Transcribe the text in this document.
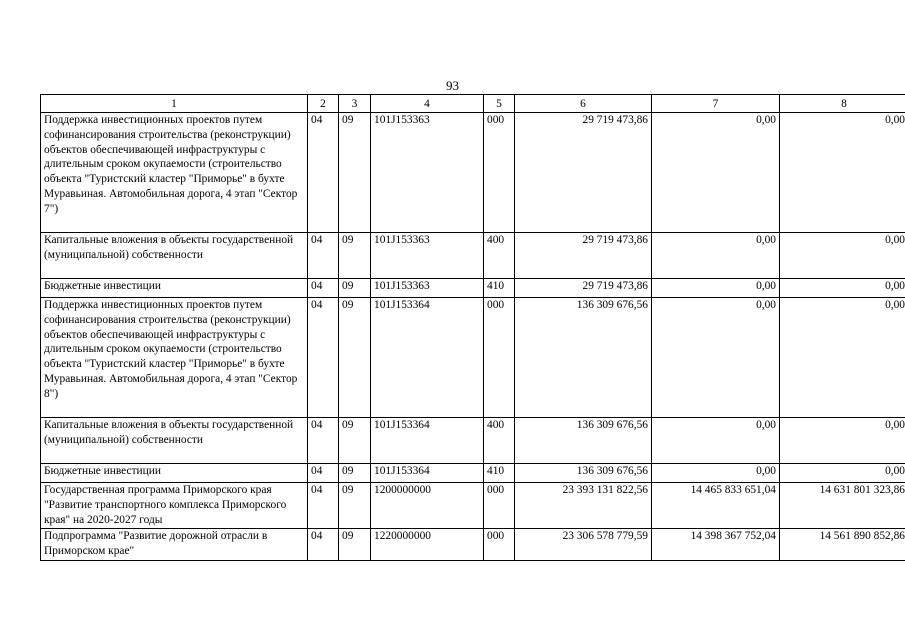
93
1	2	3	4	5	6	7	8
Поддержка инвестиционных проектов путем софинансирования строительства (реконструкции) объектов обеспечивающей инфраструктуры с длительным сроком окупаемости (строительство объекта "Туристский кластер "Приморье" в бухте Муравьиная. Автомобильная дорога, 4 этап "Сектор 7")	04	09	101J153363	000	29 719 473,86	0,00	0,00
Капитальные вложения в объекты государственной (муниципальной) собственности	04	09	101J153363	400	29 719 473,86	0,00	0,00
Бюджетные инвестиции	04	09	101J153363	410	29 719 473,86	0,00	0,00
Поддержка инвестиционных проектов путем софинансирования строительства (реконструкции) объектов обеспечивающей инфраструктуры с длительным сроком окупаемости (строительство объекта "Туристский кластер "Приморье" в бухте Муравьиная. Автомобильная дорога, 4 этап "Сектор 8")	04	09	101J153364	000	136 309 676,56	0,00	0,00
Капитальные вложения в объекты государственной (муниципальной) собственности	04	09	101J153364	400	136 309 676,56	0,00	0,00
Бюджетные инвестиции	04	09	101J153364	410	136 309 676,56	0,00	0,00
Государственная программа Приморского края "Развитие транспортного комплекса Приморского края" на 2020-2027 годы	04	09	1200000000	000	23 393 131 822,56	14 465 833 651,04	14 631 801 323,86
Подпрограмма "Развитие дорожной отрасли в Приморском крае"	04	09	1220000000	000	23 306 578 779,59	14 398 367 752,04	14 561 890 852,86
